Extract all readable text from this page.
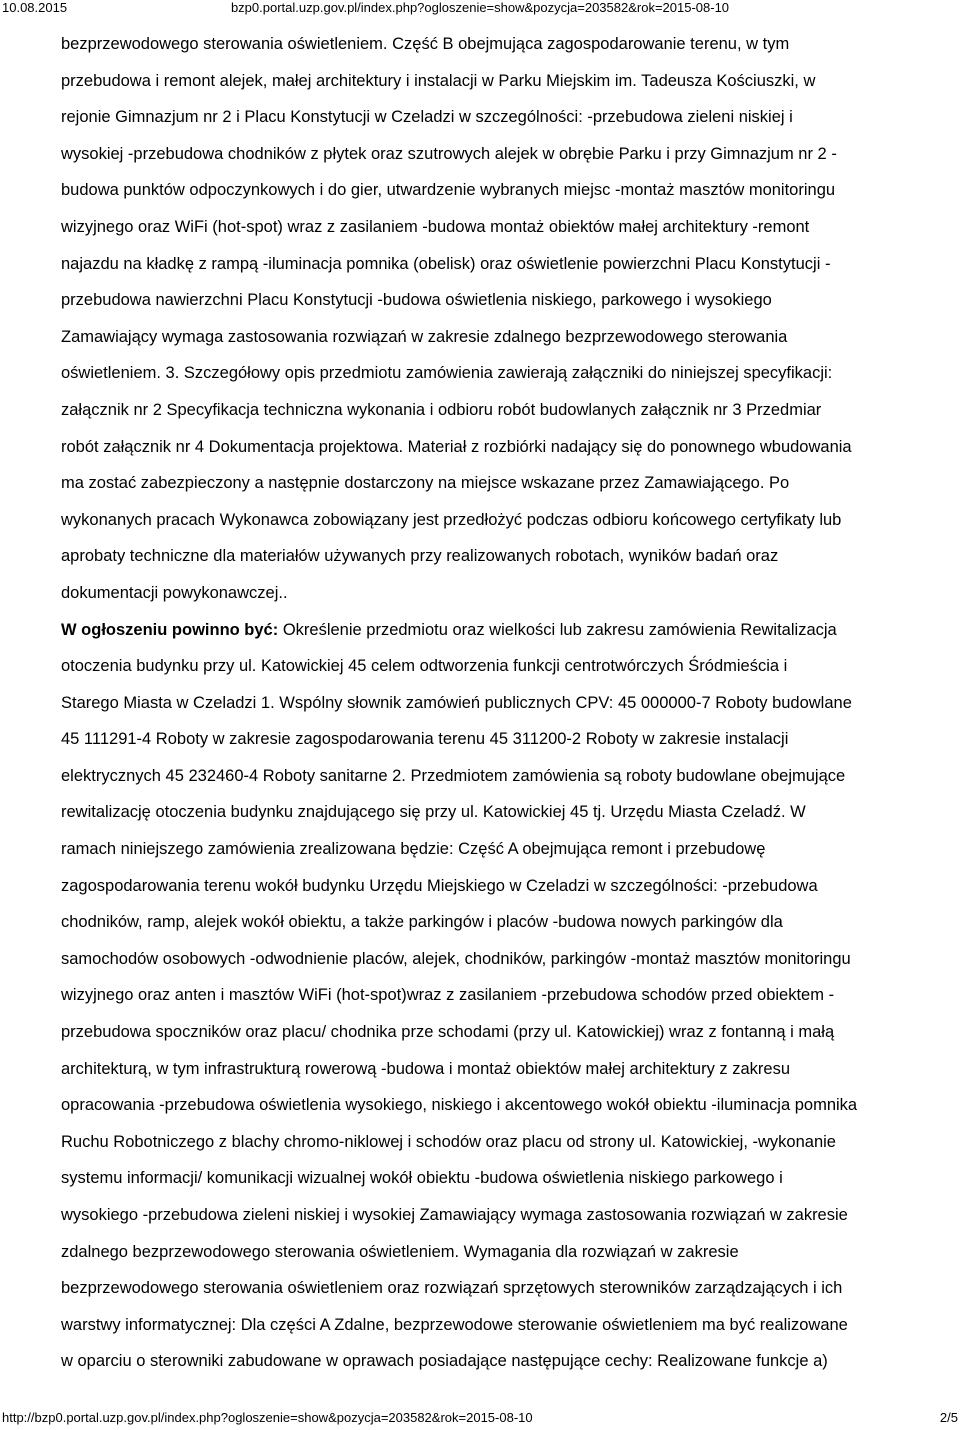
10.08.2015	bzp0.portal.uzp.gov.pl/index.php?ogloszenie=show&pozycja=203582&rok=2015-08-10
bezprzewodowego sterowania oświetleniem. Część B obejmująca zagospodarowanie terenu, w tym
przebudowa i remont alejek, małej architektury i instalacji w Parku Miejskim im. Tadeusza Kościuszki, w
rejonie Gimnazjum nr 2 i Placu Konstytucji w Czeladzi w szczególności: -przebudowa zieleni niskiej i
wysokiej -przebudowa chodników z płytek oraz szutrowych alejek w obrębie Parku i przy Gimnazjum nr 2 -
budowa punktów odpoczynkowych i do gier, utwardzenie wybranych miejsc -montaż masztów monitoringu
wizyjnego oraz WiFi (hot-spot) wraz z zasilaniem -budowa montaż obiektów małej architektury -remont
najazdu na kładkę z rampą -iluminacja pomnika (obelisk) oraz oświetlenie powierzchni Placu Konstytucji -
przebudowa nawierzchni Placu Konstytucji -budowa oświetlenia niskiego, parkowego i wysokiego
Zamawiający wymaga zastosowania rozwiązań w zakresie zdalnego bezprzewodowego sterowania
oświetleniem. 3. Szczegółowy opis przedmiotu zamówienia zawierają załączniki do niniejszej specyfikacji:
załącznik nr 2 Specyfikacja techniczna wykonania i odbioru robót budowlanych załącznik nr 3 Przedmiar
robót załącznik nr 4 Dokumentacja projektowa. Materiał z rozbiórki nadający się do ponownego wbudowania
ma zostać zabezpieczony a następnie dostarczony na miejsce wskazane przez Zamawiającego. Po
wykonanych pracach Wykonawca zobowiązany jest przedłożyć podczas odbioru końcowego certyfikaty lub
aprobaty techniczne dla materiałów używanych przy realizowanych robotach, wyników badań oraz
dokumentacji powykonawczej..
W ogłoszeniu powinno być: Określenie przedmiotu oraz wielkości lub zakresu zamówienia Rewitalizacja
otoczenia budynku przy ul. Katowickiej 45 celem odtworzenia funkcji centrotwórczych Śródmieścia i
Starego Miasta w Czeladzi 1. Wspólny słownik zamówień publicznych CPV: 45 000000-7 Roboty budowlane
45 111291-4 Roboty w zakresie zagospodarowania terenu 45 311200-2 Roboty w zakresie instalacji
elektrycznych 45 232460-4 Roboty sanitarne 2. Przedmiotem zamówienia są roboty budowlane obejmujące
rewitalizację otoczenia budynku znajdującego się przy ul. Katowickiej 45 tj. Urzędu Miasta Czeladź. W
ramach niniejszego zamówienia zrealizowana będzie: Część A obejmująca remont i przebudowę
zagospodarowania terenu wokół budynku Urzędu Miejskiego w Czeladzi w szczególności: -przebudowa
chodników, ramp, alejek wokół obiektu, a także parkingów i placów -budowa nowych parkingów dla
samochodów osobowych -odwodnienie placów, alejek, chodników, parkingów -montaż masztów monitoringu
wizyjnego oraz anten i masztów WiFi (hot-spot)wraz z zasilaniem -przebudowa schodów przed obiektem -
przebudowa spoczników oraz placu/ chodnika prze schodami (przy ul. Katowickiej) wraz z fontanną i małą
architekturą, w tym infrastrukturą rowerową -budowa i montaż obiektów małej architektury z zakresu
opracowania -przebudowa oświetlenia wysokiego, niskiego i akcentowego wokół obiektu -iluminacja pomnika
Ruchu Robotniczego z blachy chromo-niklowej i schodów oraz placu od strony ul. Katowickiej, -wykonanie
systemu informacji/ komunikacji wizualnej wokół obiektu -budowa oświetlenia niskiego parkowego i
wysokiego -przebudowa zieleni niskiej i wysokiej Zamawiający wymaga zastosowania rozwiązań w zakresie
zdalnego bezprzewodowego sterowania oświetleniem. Wymagania dla rozwiązań w zakresie
bezprzewodowego sterowania oświetleniem oraz rozwiązań sprzętowych sterowników zarządzających i ich
warstwy informatycznej: Dla części A Zdalne, bezprzewodowe sterowanie oświetleniem ma być realizowane
w oparciu o sterowniki zabudowane w oprawach posiadające następujące cechy: Realizowane funkcje a)
http://bzp0.portal.uzp.gov.pl/index.php?ogloszenie=show&pozycja=203582&rok=2015-08-10	2/5
